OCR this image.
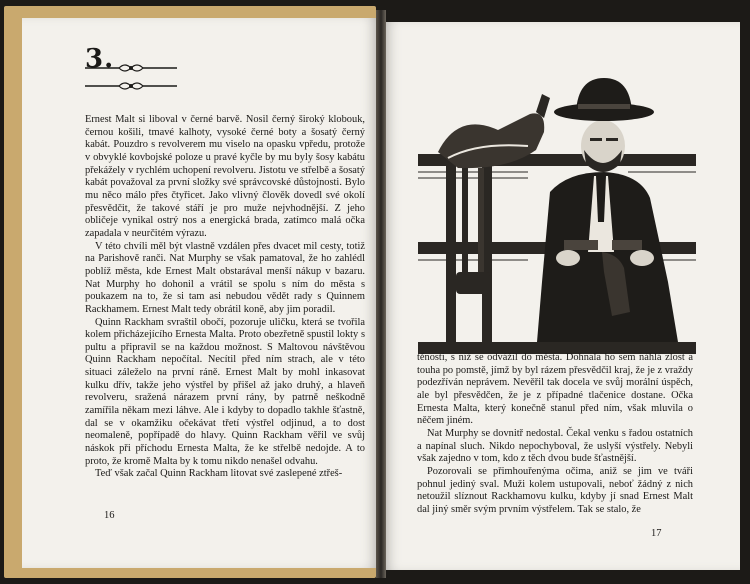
3.

Ernest Malt si liboval v černé barvě. Nosil černý široký klobouk, černou košili, tmavé kalhoty, vysoké černé boty a šosatý černý kabát. Pouzdro s revolverem mu viselo na opasku vpředu, protože v obvyklé kovbojské poloze u pravé kyčle by mu byly šosy kabátu překážely v rychlém uchopení revolveru. Jistotu ve střelbě a šosatý kabát považoval za první složky své správcovské důstojnosti. Bylo mu něco málo přes čtyřicet. Jako vlivný člověk dovedl své okolí přesvědčit, že takové stáří je pro muže nejvhodnější. Z jeho obličeje vynikal ostrý nos a energická brada, zatímco malá očka zapadala v neurčitém výrazu.

V této chvíli měl být vlastně vzdálen přes dvacet mil cesty, totiž na Parishově ranči. Nat Murphy se však pamatoval, že ho zahlédl poblíž města, kde Ernest Malt obstarával menší nákup v bazaru. Nat Murphy ho dohonil a vrátil se spolu s ním do města s poukazem na to, že si tam asi nebudou vědět rady s Quinnem Rackhamem. Ernest Malt tedy obrátil koně, aby jim poradil.

Quinn Rackham svraštil obočí, pozoruje uličku, která se tvořila kolem přicházejícího Ernesta Malta. Proto obezřetně spustil lokty s pultu a připravil se na každou možnost. S Maltovou návštěvou Quinn Rackham nepočítal. Necítil před ním strach, ale v této situaci záleželo na první ráně. Ernest Malt by mohl inkasovat kulku dřív, takže jeho výstřel by přišel až jako druhý, a hlaveň revolveru, sražená nárazem první rány, by patrně neškodně zamířila někam mezi láhve. Ale i kdyby to dopadlo takhle šťastně, dal se v okamžiku očekávat třetí výstřel odjinud, a to dost neomaleně, popřípadě do hlavy. Quinn Rackham věřil ve svůj náskok při příchodu Ernesta Malta, že ke střelbě nedojde. A to proto, že kromě Malta by k tomu nikdo nenašel odvahu.

Teď však začal Quinn Rackham litovat své zaslepené ztřeš-

16

těnosti, s níž se odvážil do města. Dohnala ho sem náhlá zlost a touha po pomstě, jímž by byl rázem přesvědčil kraj, že je z vraždy podezříván neprávem. Nevěřil tak docela ve svůj morální úspěch, ale byl přesvědčen, že je z případné tlačenice dostane. Očka Ernesta Malta, který konečně stanul před ním, však mluvila o něčem jiném.

Nat Murphy se dovnitř nedostal. Čekal venku s řadou ostatních a napínal sluch. Nikdo nepochyboval, že uslyší výstřely. Nebyli však zajedno v tom, kdo z těch dvou bude šťastnější.

Pozorovali se přimhouřenýma očima, aniž se jim ve tváři pohnul jediný sval. Muži kolem ustupovali, neboť žádný z nich netoužil slíznout Rackhamovu kulku, kdyby jí snad Ernest Malt dal jiný směr svým prvním výstřelem. Tak se stalo, že

17
